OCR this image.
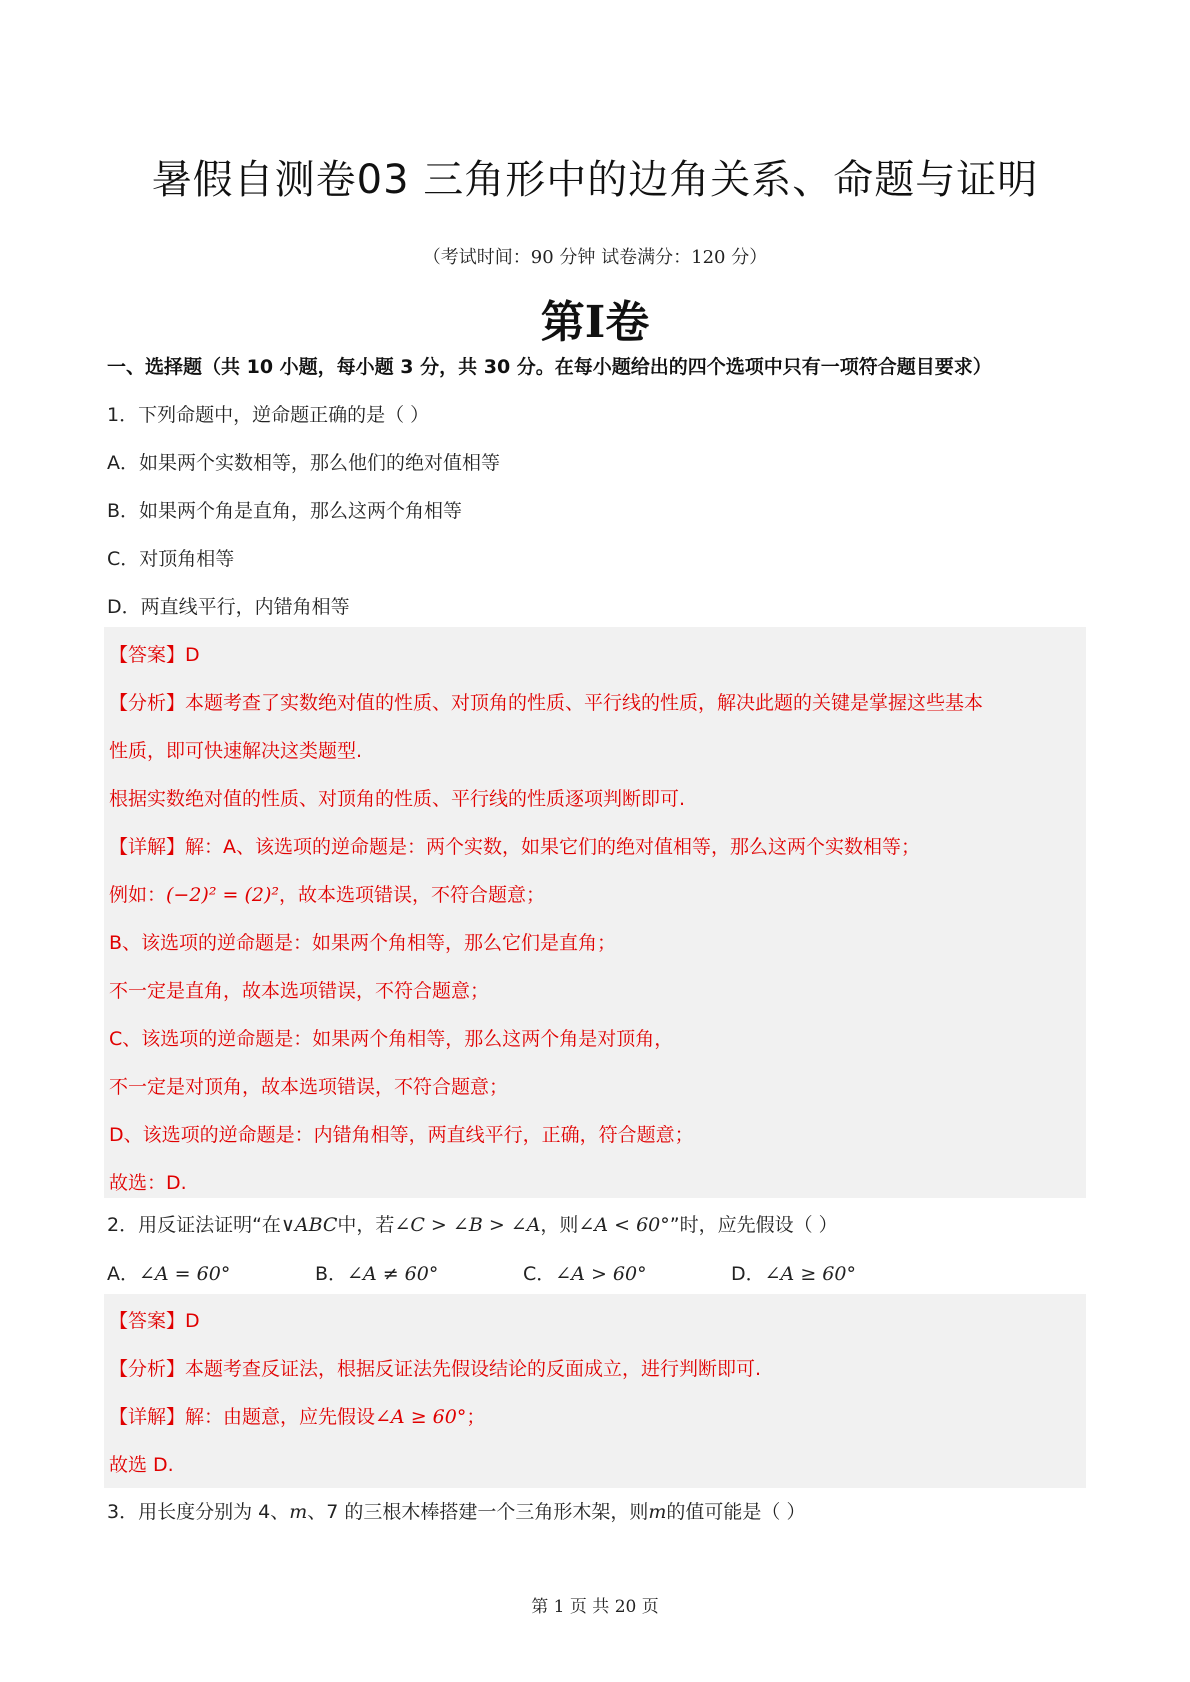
暑假自测卷03 三角形中的边角关系、命题与证明
（考试时间：90 分钟 试卷满分：120 分）
第Ⅰ卷
一、选择题（共 10 小题，每小题 3 分，共 30 分。在每小题给出的四个选项中只有一项符合题目要求）
1．下列命题中，逆命题正确的是（ ）
A．如果两个实数相等，那么他们的绝对值相等
B．如果两个角是直角，那么这两个角相等
C．对顶角相等
D．两直线平行，内错角相等
【答案】D
【分析】本题考查了实数绝对值的性质、对顶角的性质、平行线的性质，解决此题的关键是掌握这些基本
性质，即可快速解决这类题型.
根据实数绝对值的性质、对顶角的性质、平行线的性质逐项判断即可.
【详解】解：A、该选项的逆命题是：两个实数，如果它们的绝对值相等，那么这两个实数相等；
例如：(−2)² = (2)²，故本选项错误，不符合题意；
B、该选项的逆命题是：如果两个角相等，那么它们是直角；
不一定是直角，故本选项错误，不符合题意；
C、该选项的逆命题是：如果两个角相等，那么这两个角是对顶角，
不一定是对顶角，故本选项错误，不符合题意；
D、该选项的逆命题是：内错角相等，两直线平行，正确，符合题意；
故选：D.
2．用反证法证明“在∨ABC中，若∠C > ∠B > ∠A，则∠A < 60°”时，应先假设（ ）
A．∠A = 60°	B．∠A ≠ 60°	C．∠A > 60°	D．∠A ≥ 60°
【答案】D
【分析】本题考查反证法，根据反证法先假设结论的反面成立，进行判断即可.
【详解】解：由题意，应先假设∠A ≥ 60°；
故选 D.
3．用长度分别为 4、m、7 的三根木棒搭建一个三角形木架，则m的值可能是（ ）
第 1 页 共 20 页
